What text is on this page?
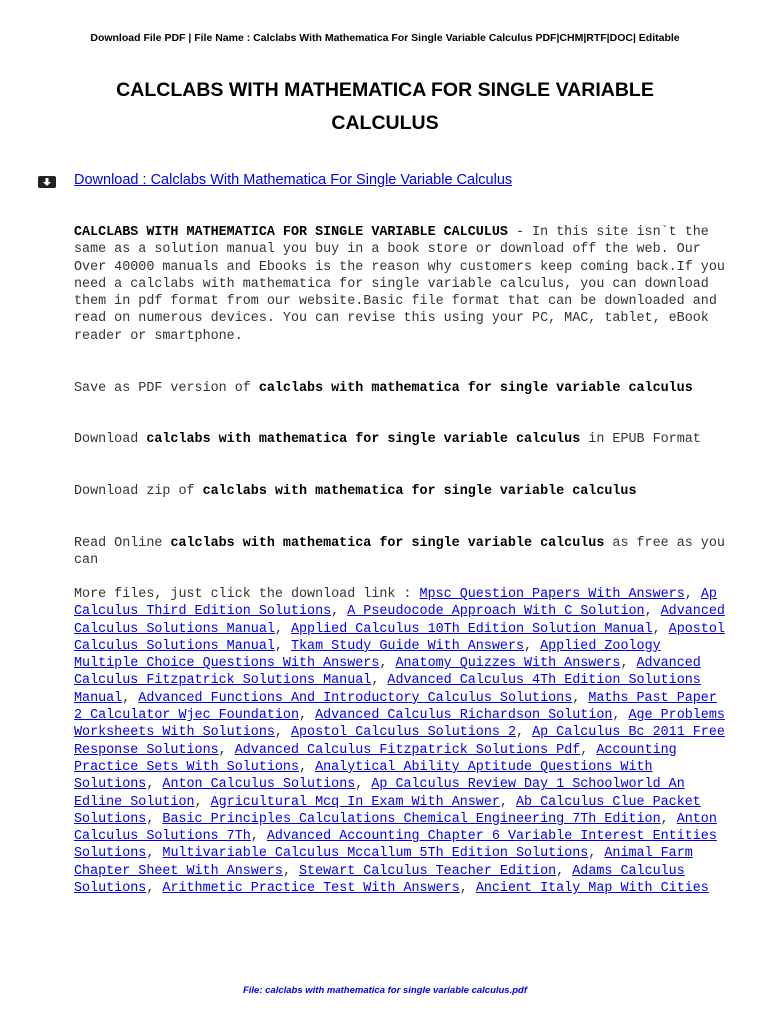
Download File PDF | File Name : Calclabs With Mathematica For Single Variable Calculus PDF|CHM|RTF|DOC| Editable
CALCLABS WITH MATHEMATICA FOR SINGLE VARIABLE
CALCULUS
Download : Calclabs With Mathematica For Single Variable Calculus

CALCLABS WITH MATHEMATICA FOR SINGLE VARIABLE CALCULUS - In this site isn`t the same as a solution manual you buy in a book store or download off the web. Our Over 40000 manuals and Ebooks is the reason why customers keep coming back.If you need a calclabs with mathematica for single variable calculus, you can download them in pdf format from our website.Basic file format that can be downloaded and read on numerous devices. You can revise this using your PC, MAC, tablet, eBook reader or smartphone.

Save as PDF version of calclabs with mathematica for single variable calculus

Download calclabs with mathematica for single variable calculus in EPUB Format

Download zip of calclabs with mathematica for single variable calculus

Read Online calclabs with mathematica for single variable calculus as free as you can

More files, just click the download link : Mpsc Question Papers With Answers, Ap Calculus Third Edition Solutions, A Pseudocode Approach With C Solution, Advanced Calculus Solutions Manual, Applied Calculus 10Th Edition Solution Manual, Apostol Calculus Solutions Manual, Tkam Study Guide With Answers, Applied Zoology Multiple Choice Questions With Answers, Anatomy Quizzes With Answers, Advanced Calculus Fitzpatrick Solutions Manual, Advanced Calculus 4Th Edition Solutions Manual, Advanced Functions And Introductory Calculus Solutions, Maths Past Paper 2 Calculator Wjec Foundation, Advanced Calculus Richardson Solution, Age Problems Worksheets With Solutions, Apostol Calculus Solutions 2, Ap Calculus Bc 2011 Free Response Solutions, Advanced Calculus Fitzpatrick Solutions Pdf, Accounting Practice Sets With Solutions, Analytical Ability Aptitude Questions With Solutions, Anton Calculus Solutions, Ap Calculus Review Day 1 Schoolworld An Edline Solution, Agricultural Mcq In Exam With Answer, Ab Calculus Clue Packet Solutions, Basic Principles Calculations Chemical Engineering 7Th Edition, Anton Calculus Solutions 7Th, Advanced Accounting Chapter 6 Variable Interest Entities Solutions, Multivariable Calculus Mccallum 5Th Edition Solutions, Animal Farm Chapter Sheet With Answers, Stewart Calculus Teacher Edition, Adams Calculus Solutions, Arithmetic Practice Test With Answers, Ancient Italy Map With Cities

File: calclabs with mathematica for single variable calculus.pdf
